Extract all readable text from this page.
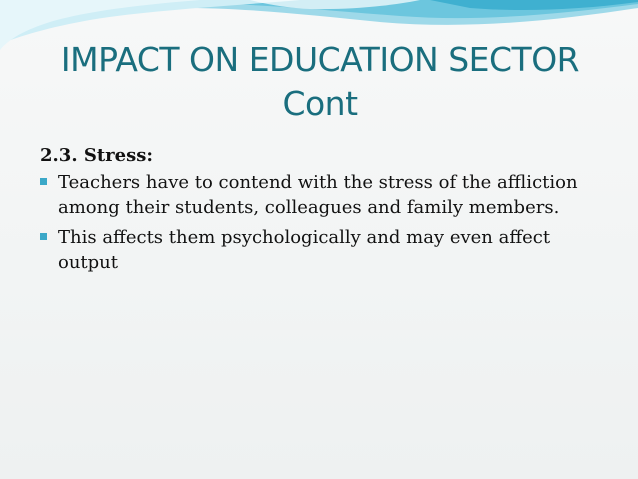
IMPACT ON EDUCATION SECTOR
Cont
2.3. Stress:
Teachers have to contend with the stress of the affliction among their students, colleagues and family members.
This affects them psychologically and may even affect output
